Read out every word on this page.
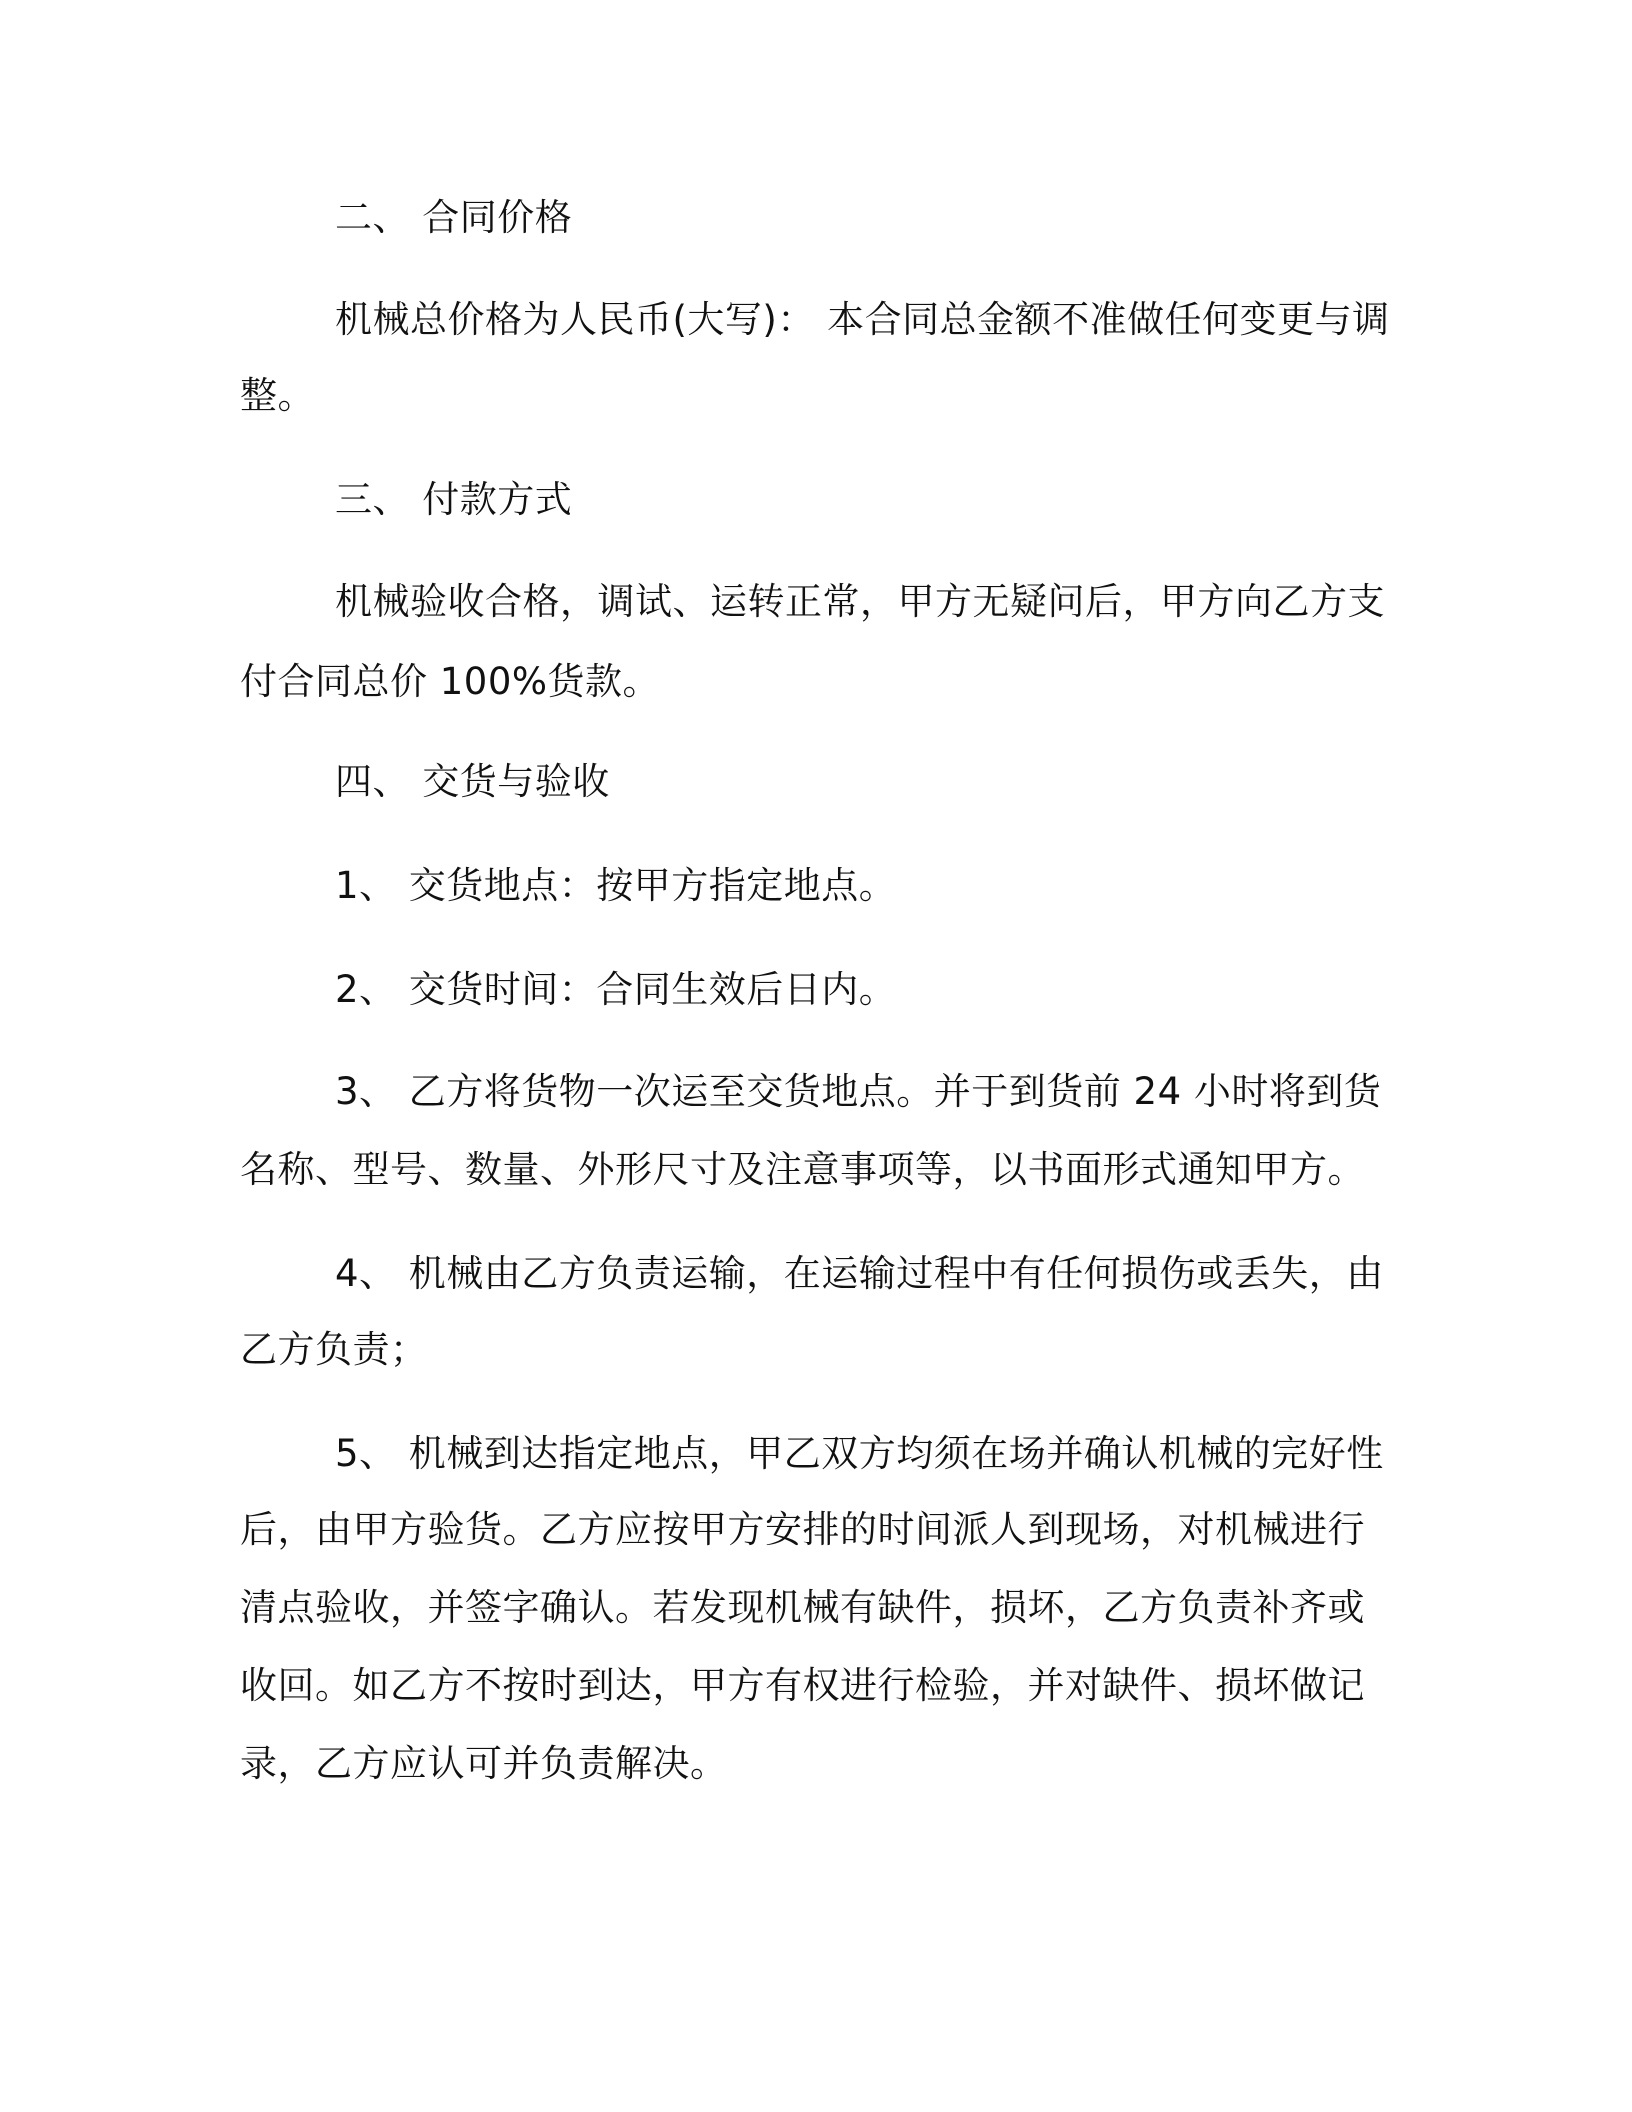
二、 合同价格
机械总价格为人民币(大写)： 本合同总金额不准做任何变更与调
整。
三、 付款方式
机械验收合格，调试、运转正常，甲方无疑问后，甲方向乙方支
付合同总价 100%货款。
四、 交货与验收
1、 交货地点：按甲方指定地点。
2、 交货时间：合同生效后日内。
3、 乙方将货物一次运至交货地点。并于到货前 24 小时将到货
名称、型号、数量、外形尺寸及注意事项等，以书面形式通知甲方。
4、 机械由乙方负责运输，在运输过程中有任何损伤或丢失，由
乙方负责；
5、 机械到达指定地点，甲乙双方均须在场并确认机械的完好性
后，由甲方验货。乙方应按甲方安排的时间派人到现场，对机械进行
清点验收，并签字确认。若发现机械有缺件，损坏，乙方负责补齐或
收回。如乙方不按时到达，甲方有权进行检验，并对缺件、损坏做记
录，乙方应认可并负责解决。
